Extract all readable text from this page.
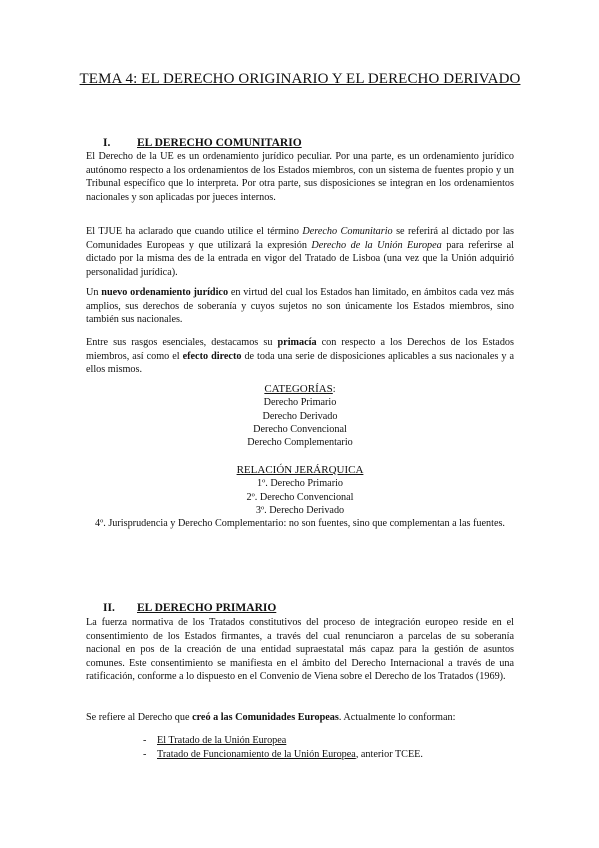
TEMA 4: EL DERECHO ORIGINARIO Y EL DERECHO DERIVADO
I. EL DERECHO COMUNITARIO

El Derecho de la UE es un ordenamiento jurídico peculiar. Por una parte, es un ordenamiento jurídico autónomo respecto a los ordenamientos de los Estados miembros, con un sistema de fuentes propio y un Tribunal específico que lo interpreta. Por otra parte, sus disposiciones se integran en los ordenamientos nacionales y son aplicadas por jueces internos.

El TJUE ha aclarado que cuando utilice el término Derecho Comunitario se referirá al dictado por las Comunidades Europeas y que utilizará la expresión Derecho de la Unión Europea para referirse al dictado por la misma des de la entrada en vigor del Tratado de Lisboa (una vez que la Unión adquirió personalidad jurídica).

Un nuevo ordenamiento jurídico en virtud del cual los Estados han limitado, en ámbitos cada vez más amplios, sus derechos de soberanía y cuyos sujetos no son únicamente los Estados miembros, sino también sus nacionales.

Entre sus rasgos esenciales, destacamos su primacía con respecto a los Derechos de los Estados miembros, así como el efecto directo de toda una serie de disposiciones aplicables a sus nacionales y a ellos mismos.

CATEGORÍAS:
Derecho Primario
Derecho Derivado
Derecho Convencional
Derecho Complementario
RELACIÓN JERÁRQUICA
1º. Derecho Primario
2º. Derecho Convencional
3º. Derecho Derivado
4º. Jurisprudencia y Derecho Complementario: no son fuentes, sino que complementan a las fuentes.
II. EL DERECHO PRIMARIO

La fuerza normativa de los Tratados constitutivos del proceso de integración europeo reside en el consentimiento de los Estados firmantes, a través del cual renunciaron a parcelas de su soberanía nacional en pos de la creación de una entidad supraestatal más capaz para la gestión de asuntos comunes. Este consentimiento se manifiesta en el ámbito del Derecho Internacional a través de una ratificación, conforme a lo dispuesto en el Convenio de Viena sobre el Derecho de los Tratados (1969).

Se refiere al Derecho que creó a las Comunidades Europeas. Actualmente lo conforman:

- El Tratado de la Unión Europea
- Tratado de Funcionamiento de la Unión Europea, anterior TCEE.
